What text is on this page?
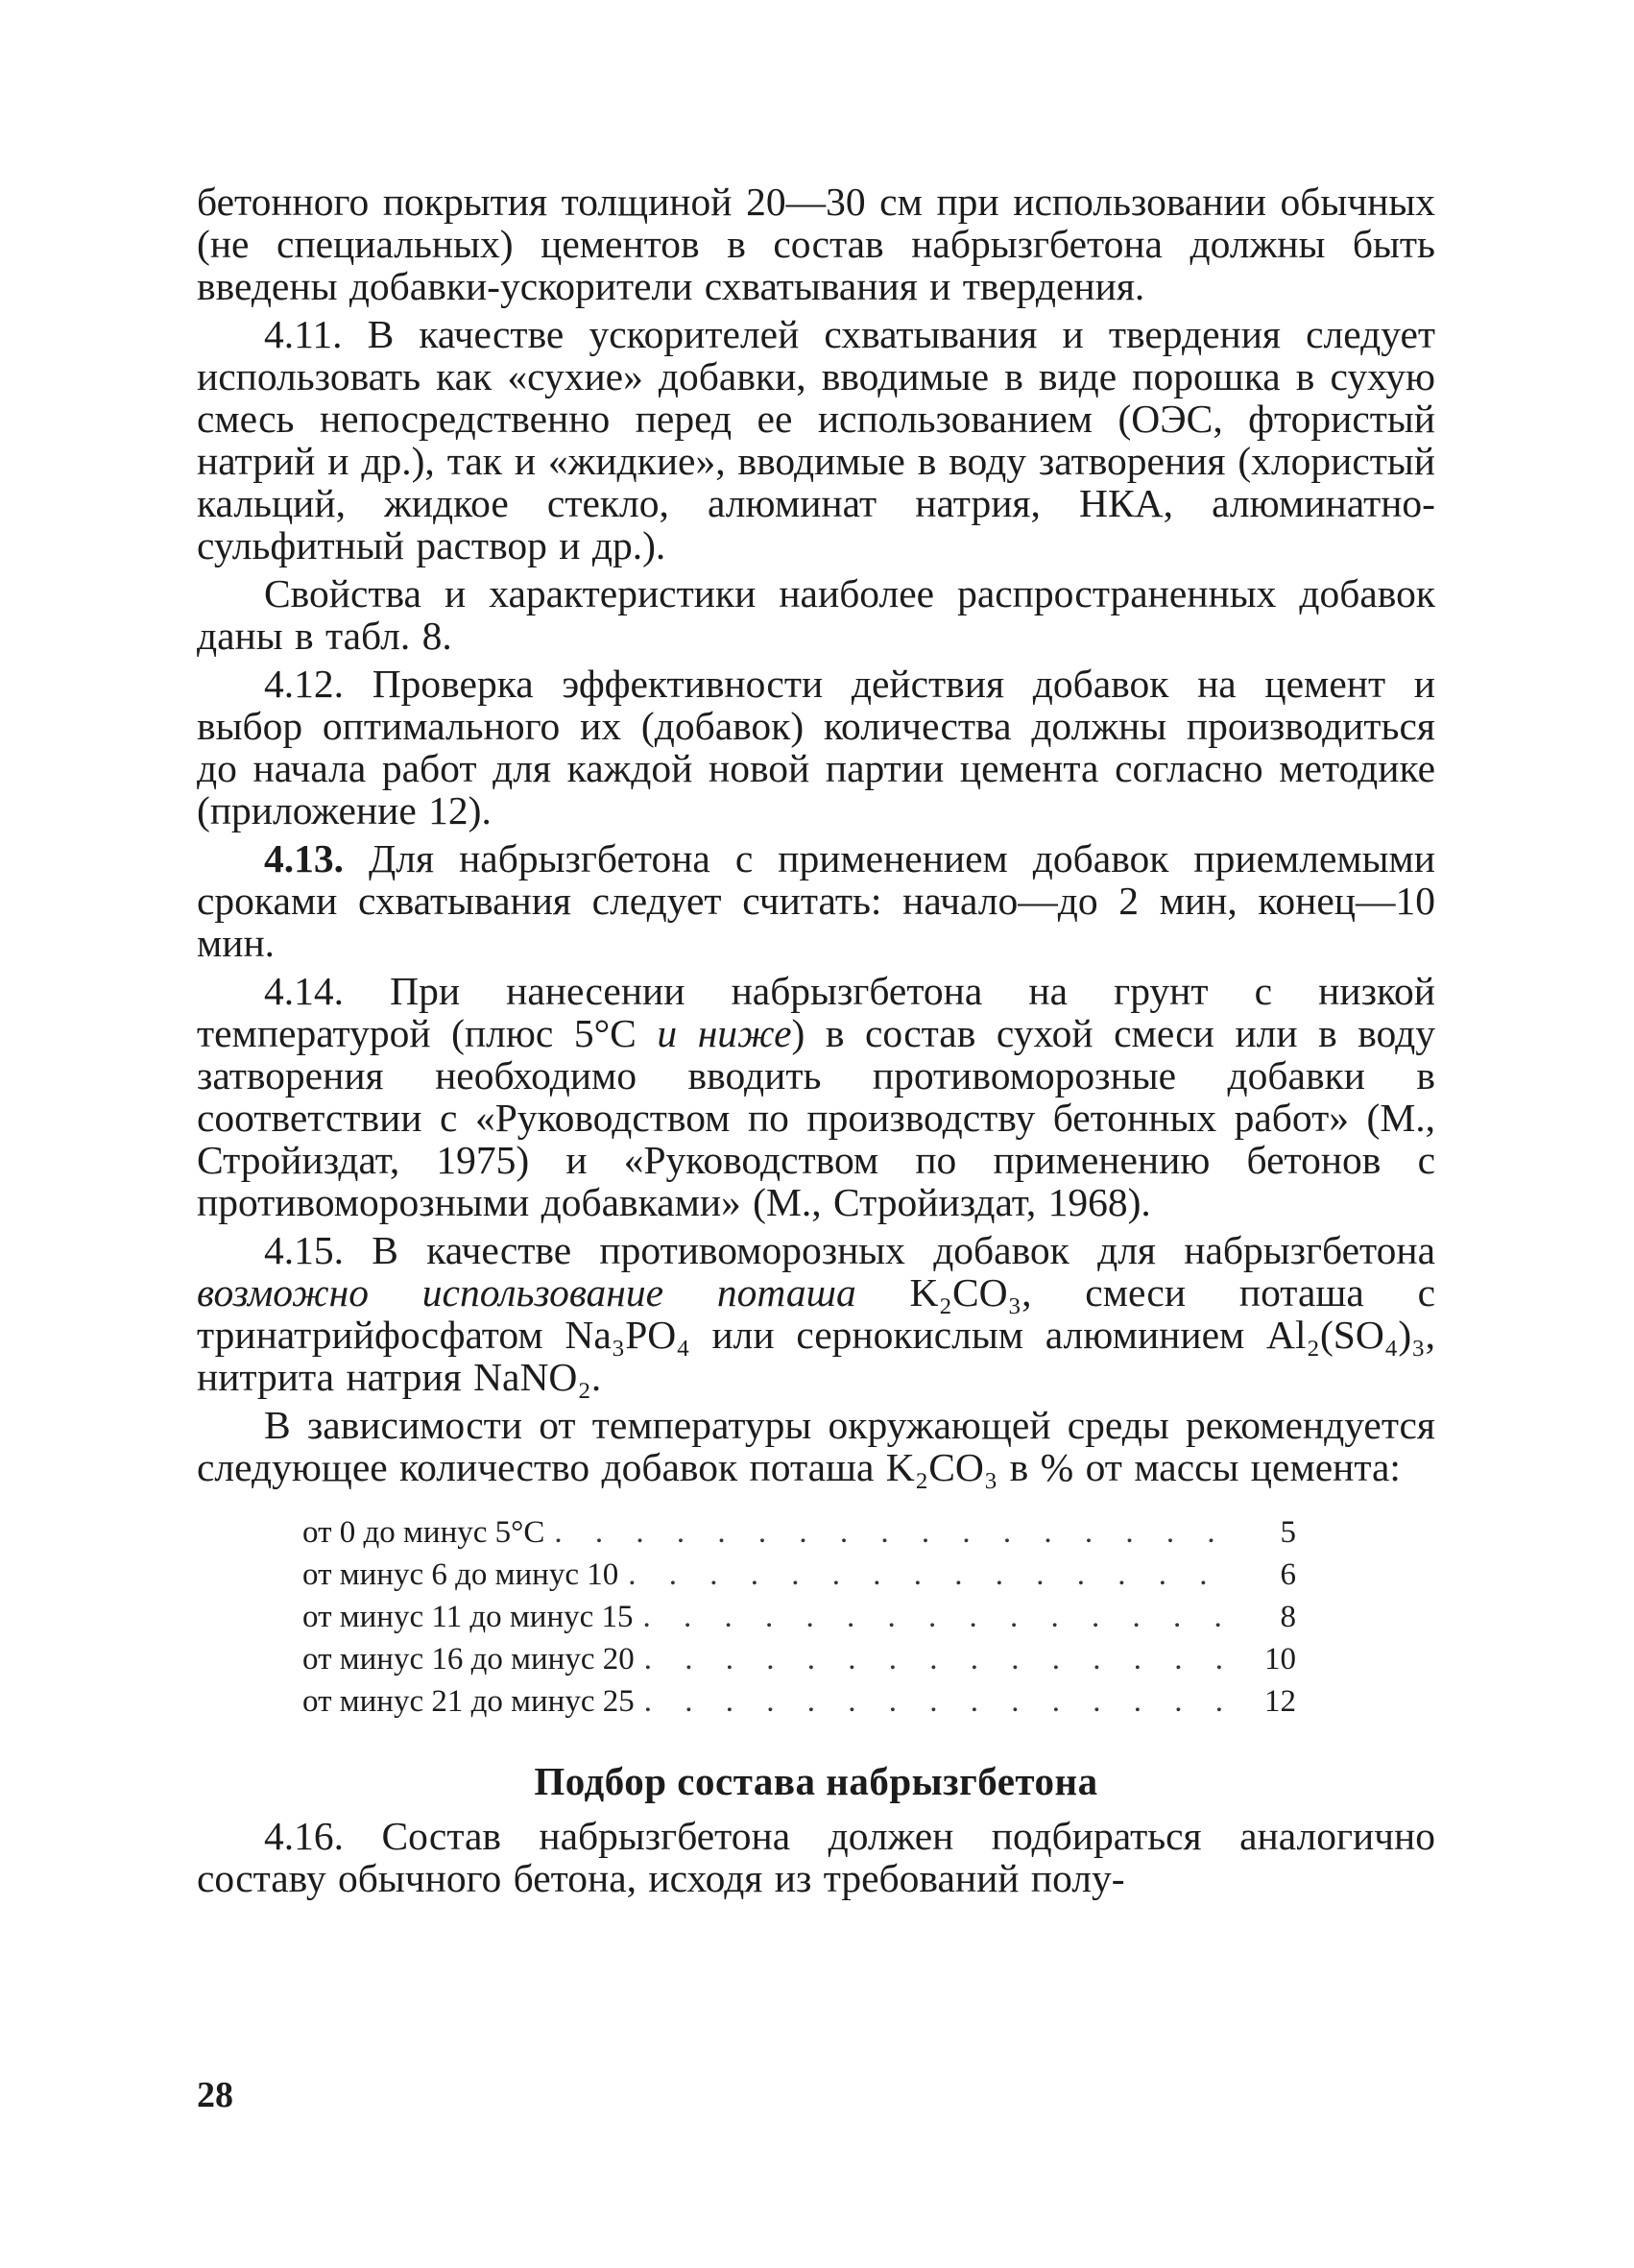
бетонного покрытия толщиной 20—30 см при использовании обычных (не специальных) цементов в состав набрызгбетона должны быть введены добавки-ускорители схватывания и твердения.

4.11. В качестве ускорителей схватывания и твердения следует использовать как «сухие» добавки, вводимые в виде порошка в сухую смесь непосредственно перед ее использованием (ОЭС, фтористый натрий и др.), так и «жидкие», вводимые в воду затворения (хлористый кальций, жидкое стекло, алюминат натрия, НКА, алюминатно-сульфитный раствор и др.).

Свойства и характеристики наиболее распространенных добавок даны в табл. 8.

4.12. Проверка эффективности действия добавок на цемент и выбор оптимального их (добавок) количества должны производиться до начала работ для каждой новой партии цемента согласно методике (приложение 12).

4.13. Для набрызгбетона с применением добавок приемлемыми сроками схватывания следует считать: начало—до 2 мин, конец—10 мин.

4.14. При нанесении набрызгбетона на грунт с низкой температурой (плюс 5°С и ниже) в состав сухой смеси или в воду затворения необходимо вводить противоморозные добавки в соответствии с «Руководством по производству бетонных работ» (М., Стройиздат, 1975) и «Руководством по применению бетонов с противоморозными добавками» (М., Стройиздат, 1968).

4.15. В качестве противоморозных добавок для набрызгбетона возможно использование поташа K₂CO₃, смеси поташа с тринатрийфосфатом Na₃PO₄ или сернокислым алюминием Al₂(SO₄)₃, нитрита натрия NaNO₂.

В зависимости от температуры окружающей среды рекомендуется следующее количество добавок поташа K₂CO₃ в % от массы цемента:

от 0 до минус 5°С . . .	5
от минус 6 до минус 10 . . .	6
от минус 11 до минус 15 . . .	8
от минус 16 до минус 20 . . .	10
от минус 21 до минус 25 . . .	12
Подбор состава набрызгбетона

4.16. Состав набрызгбетона должен подбираться аналогично составу обычного бетона, исходя из требований полу-

28
